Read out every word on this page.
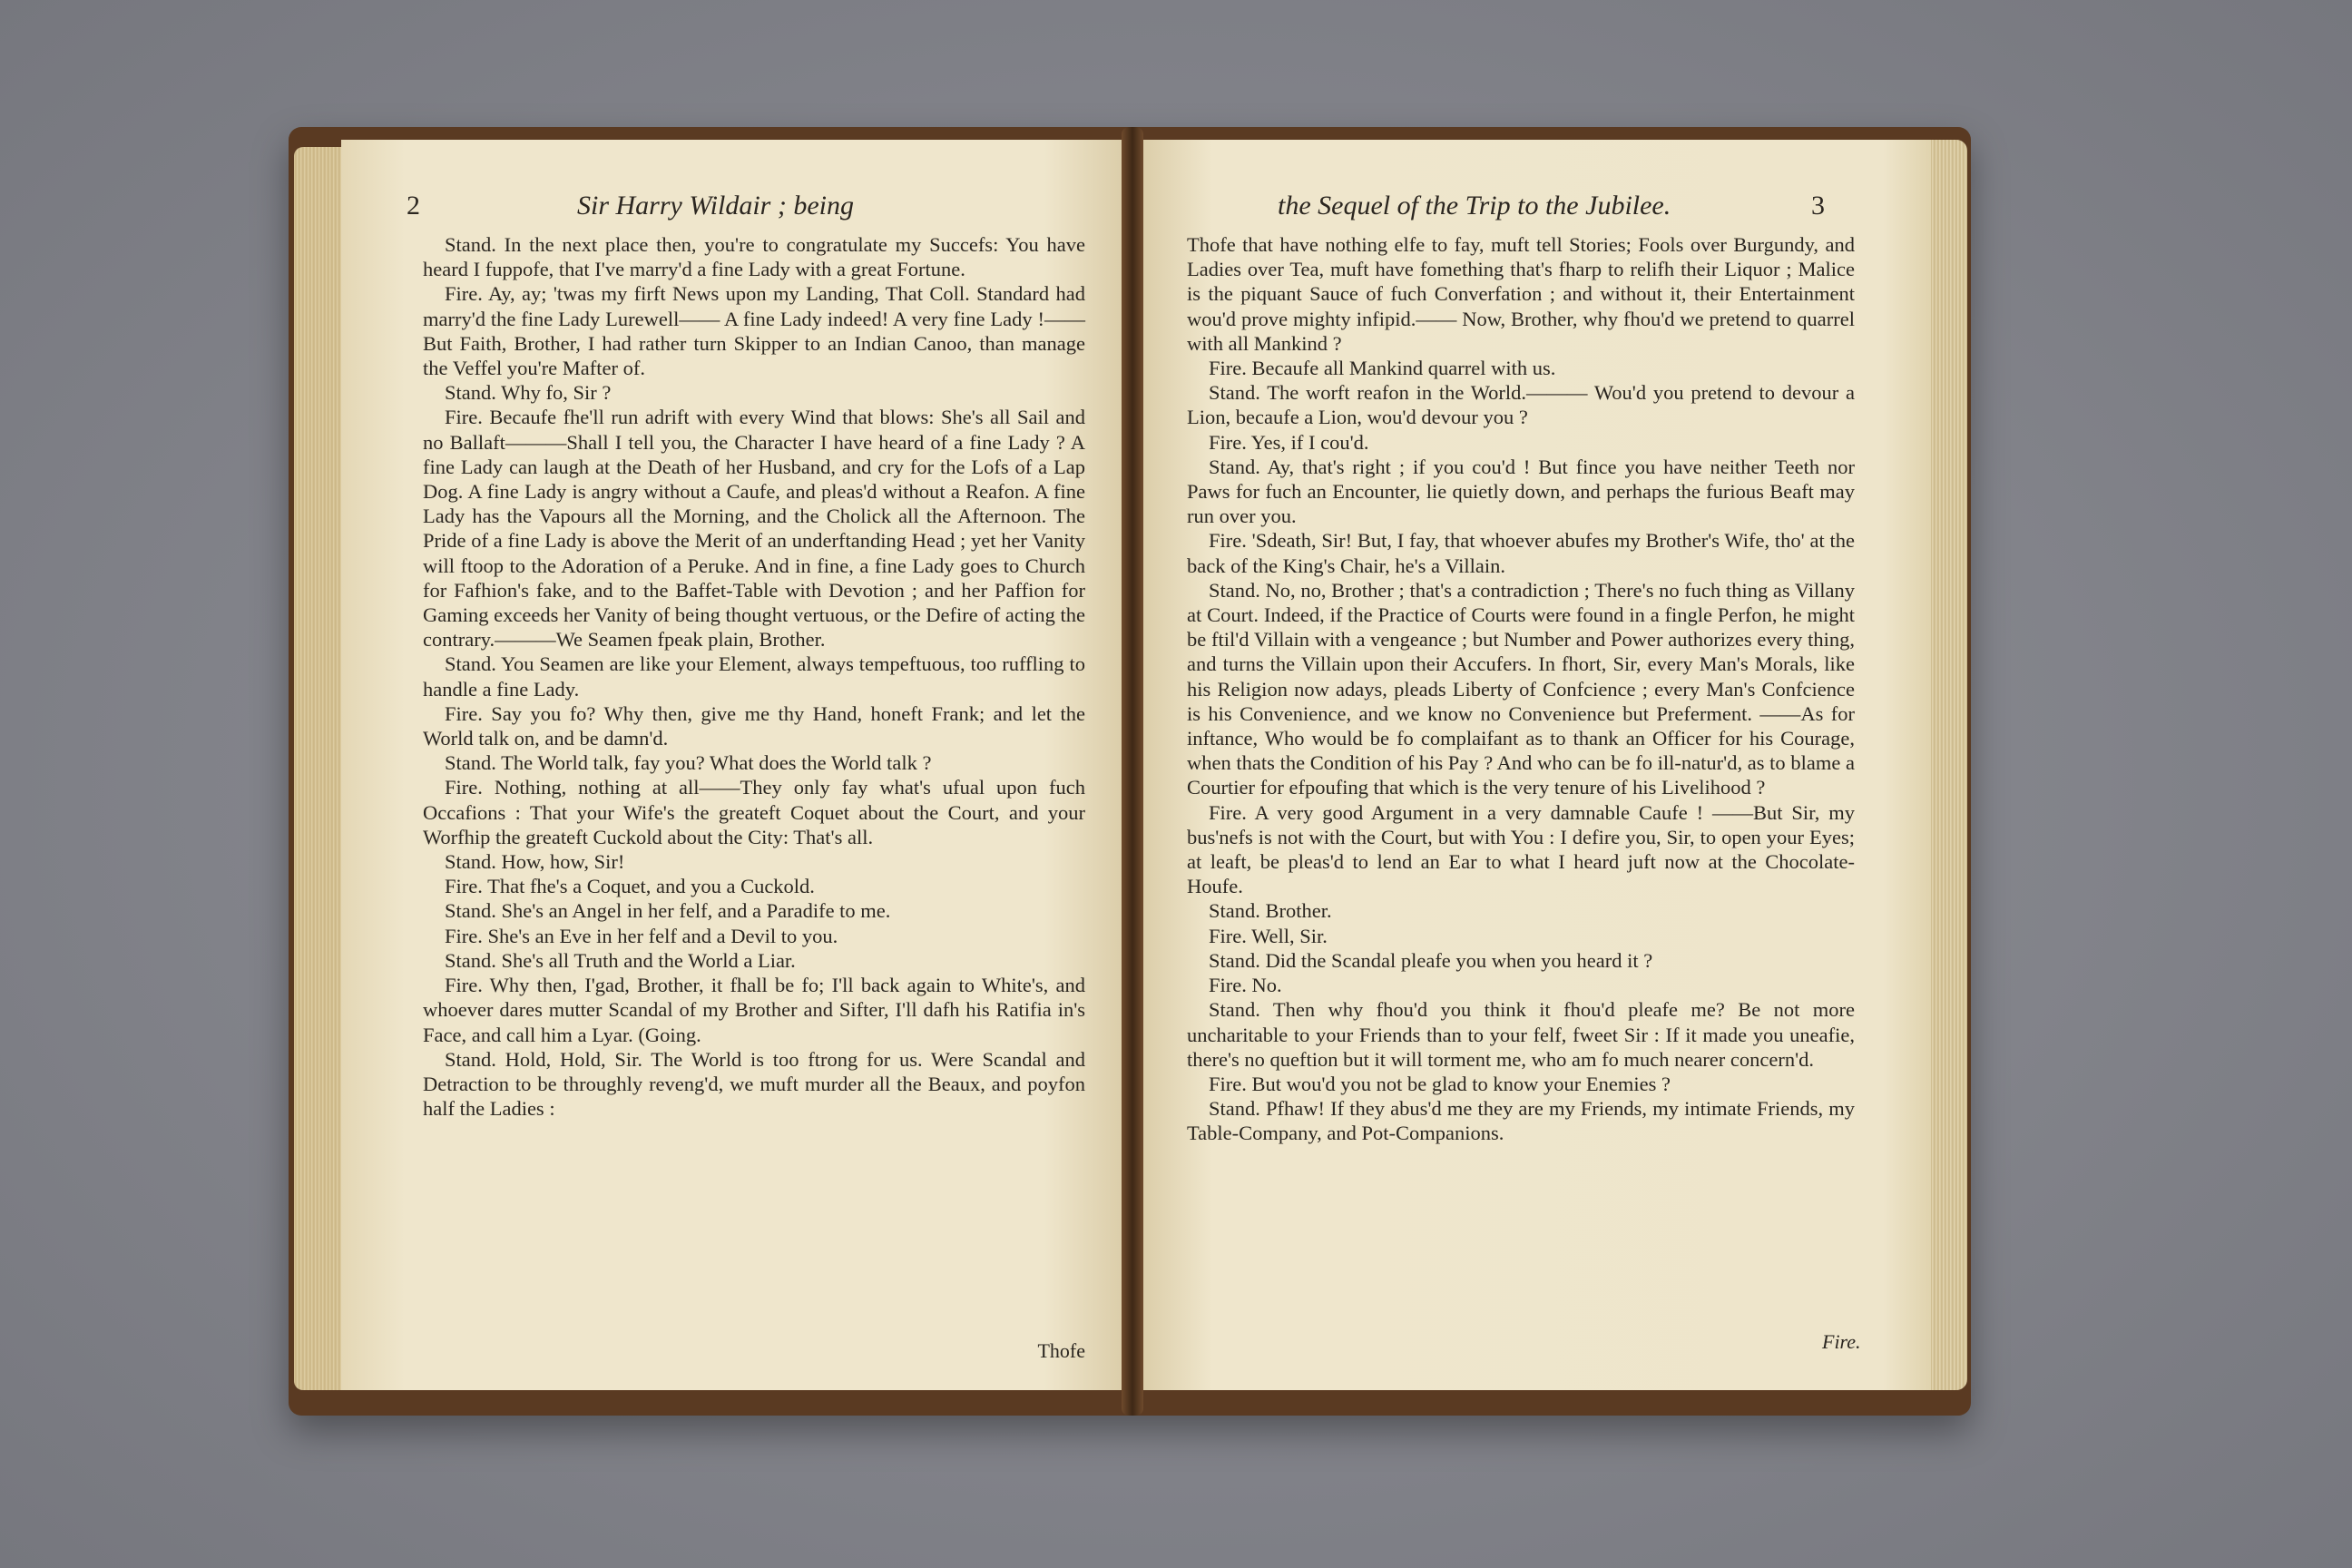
2	Sir Harry Wildair ; being

Stand. In the next place then, you're to congratulate my Succefs: You have heard I fuppofe, that I've marry'd a fine Lady with a great Fortune.

Fire. Ay, ay; 'twas my firft News upon my Landing, That Coll. Standard had marry'd the fine Lady Lurewell—— A fine Lady indeed! A very fine Lady !——But Faith, Brother, I had rather turn Skipper to an Indian Canoo, than manage the Veffel you're Mafter of.

Stand. Why fo, Sir ?

Fire. Becaufe fhe'll run adrift with every Wind that blows: She's all Sail and no Ballaft———Shall I tell you, the Character I have heard of a fine Lady ? A fine Lady can laugh at the Death of her Husband, and cry for the Lofs of a Lap Dog. A fine Lady is angry without a Caufe, and pleas'd without a Reafon. A fine Lady has the Vapours all the Morning, and the Cholick all the Afternoon. The Pride of a fine Lady is above the Merit of an underftanding Head ; yet her Vanity will ftoop to the Adoration of a Peruke. And in fine, a fine Lady goes to Church for Fafhion's fake, and to the Baffet-Table with Devotion ; and her Paffion for Gaming exceeds her Vanity of being thought vertuous, or the Defire of acting the contrary.———We Seamen fpeak plain, Brother.

Stand. You Seamen are like your Element, always tempeftuous, too ruffling to handle a fine Lady.

Fire. Say you fo? Why then, give me thy Hand, honeft Frank; and let the World talk on, and be damn'd.

Stand. The World talk, fay you? What does the World talk ?

Fire. Nothing, nothing at all——They only fay what's ufual upon fuch Occafions : That your Wife's the greateft Coquet about the Court, and your Worfhip the greateft Cuckold about the City: That's all.

Stand. How, how, Sir!

Fire. That fhe's a Coquet, and you a Cuckold.

Stand. She's an Angel in her felf, and a Paradife to me.

Fire. She's an Eve in her felf and a Devil to you.

Stand. She's all Truth and the World a Liar.

Fire. Why then, I'gad, Brother, it fhall be fo; I'll back again to White's, and whoever dares mutter Scandal of my Brother and Sifter, I'll dafh his Ratifia in's Face, and call him a Lyar. (Going.

Stand. Hold, Hold, Sir. The World is too ftrong for us. Were Scandal and Detraction to be throughly reveng'd, we muft murder all the Beaux, and poyfon half the Ladies :

Thofe
the Sequel of the Trip to the Jubilee.	3

Thofe that have nothing elfe to fay, muft tell Stories; Fools over Burgundy, and Ladies over Tea, muft have fomething that's fharp to relifh their Liquor ; Malice is the piquant Sauce of fuch Converfation ; and without it, their Entertainment wou'd prove mighty infipid.—— Now, Brother, why fhou'd we pretend to quarrel with all Mankind ?

Fire. Becaufe all Mankind quarrel with us.

Stand. The worft reafon in the World.——— Wou'd you pretend to devour a Lion, becaufe a Lion, wou'd devour you ?

Fire. Yes, if I cou'd.

Stand. Ay, that's right ; if you cou'd ! But fince you have neither Teeth nor Paws for fuch an Encounter, lie quietly down, and perhaps the furious Beaft may run over you.

Fire. 'Sdeath, Sir! But, I fay, that whoever abufes my Brother's Wife, tho' at the back of the King's Chair, he's a Villain.

Stand. No, no, Brother ; that's a contradiction ; There's no fuch thing as Villany at Court. Indeed, if the Practice of Courts were found in a fingle Perfon, he might be ftil'd Villain with a vengeance ; but Number and Power authorizes every thing, and turns the Villain upon their Accufers. In fhort, Sir, every Man's Morals, like his Religion now adays, pleads Liberty of Confcience ; every Man's Confcience is his Convenience, and we know no Convenience but Preferment. ——As for inftance, Who would be fo complaifant as to thank an Officer for his Courage, when thats the Condition of his Pay ? And who can be fo ill-natur'd, as to blame a Courtier for efpoufing that which is the very tenure of his Livelihood ?

Fire. A very good Argument in a very damnable Caufe ! ——But Sir, my bus'nefs is not with the Court, but with You : I defire you, Sir, to open your Eyes; at leaft, be pleas'd to lend an Ear to what I heard juft now at the Chocolate-Houfe.

Stand. Brother.

Fire. Well, Sir.

Stand. Did the Scandal pleafe you when you heard it ?

Fire. No.

Stand. Then why fhou'd you think it fhou'd pleafe me? Be not more uncharitable to your Friends than to your felf, fweet Sir : If it made you uneafie, there's no queftion but it will torment me, who am fo much nearer concern'd.

Fire. But wou'd you not be glad to know your Enemies ?

Stand. Pfhaw! If they abus'd me they are my Friends, my intimate Friends, my Table-Company, and Pot-Companions.

Fire.
